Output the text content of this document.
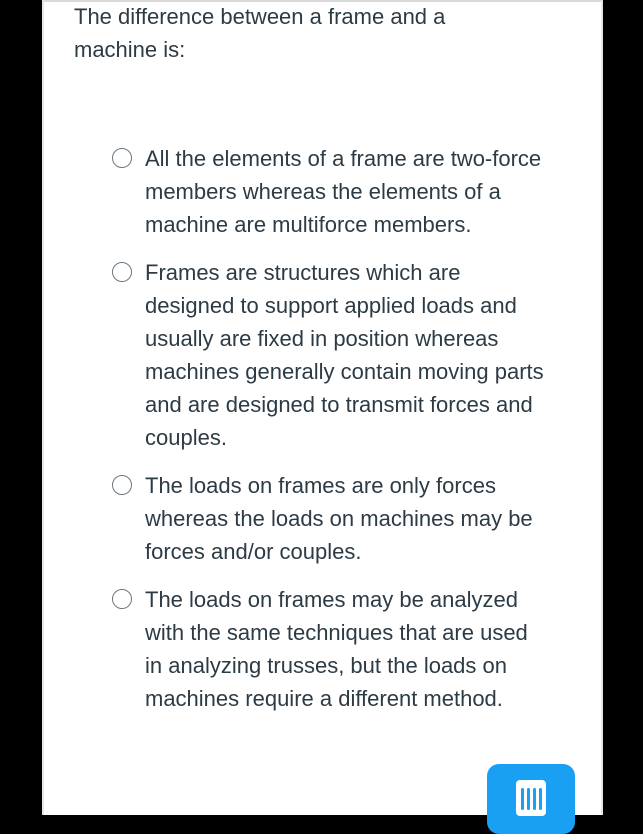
The difference between a frame and a machine is:

All the elements of a frame are two-force members whereas the elements of a machine are multiforce members.
Frames are structures which are designed to support applied loads and usually are fixed in position whereas machines generally contain moving parts and are designed to transmit forces and couples.
The loads on frames are only forces whereas the loads on machines may be forces and/or couples.
The loads on frames may be analyzed with the same techniques that are used in analyzing trusses, but the loads on machines require a different method.
